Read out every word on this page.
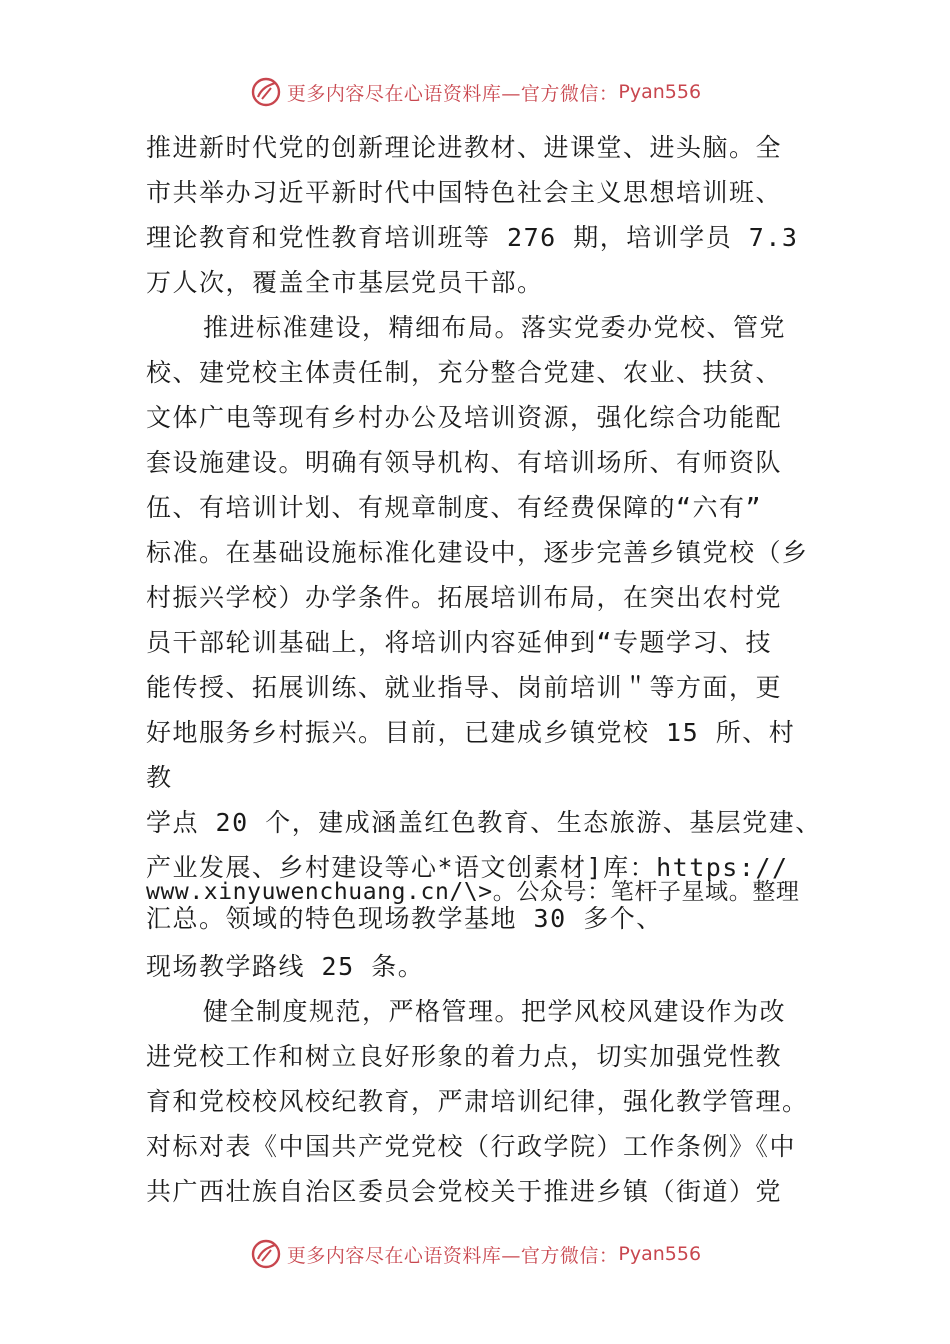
更多内容尽在心语资料库—官方微信： Pyan556
推进新时代党的创新理论进教材、进课堂、进头脑。全
市共举办习近平新时代中国特色社会主义思想培训班、
理论教育和党性教育培训班等 276 期，培训学员 7.3
万人次，覆盖全市基层党员干部。
推进标准建设，精细布局。落实党委办党校、管党
校、建党校主体责任制，充分整合党建、农业、扶贫、
文体广电等现有乡村办公及培训资源，强化综合功能配
套设施建设。明确有领导机构、有培训场所、有师资队
伍、有培训计划、有规章制度、有经费保障的“六有”
标准。在基础设施标准化建设中，逐步完善乡镇党校（乡
村振兴学校）办学条件。拓展培训布局，在突出农村党
员干部轮训基础上，将培训内容延伸到“专题学习、技
能传授、拓展训练、就业指导、岗前培训＂等方面，更
好地服务乡村振兴。目前，已建成乡镇党校 15 所、村
教
学点 20 个，建成涵盖红色教育、生态旅游、基层党建、
产业发展、乡村建设等心*语文创素材]库：https://
www.xinyuwenchuang.cn/\>。公众号：笔杆子星域。整理
汇总。领域的特色现场教学基地 30 多个、
现场教学路线 25 条。
健全制度规范，严格管理。把学风校风建设作为改
进党校工作和树立良好形象的着力点，切实加强党性教
育和党校校风校纪教育，严肃培训纪律，强化教学管理。
对标对表《中国共产党党校（行政学院）工作条例》《中
共广西壮族自治区委员会党校关于推进乡镇（街道）党
更多内容尽在心语资料库—官方微信： Pyan556
